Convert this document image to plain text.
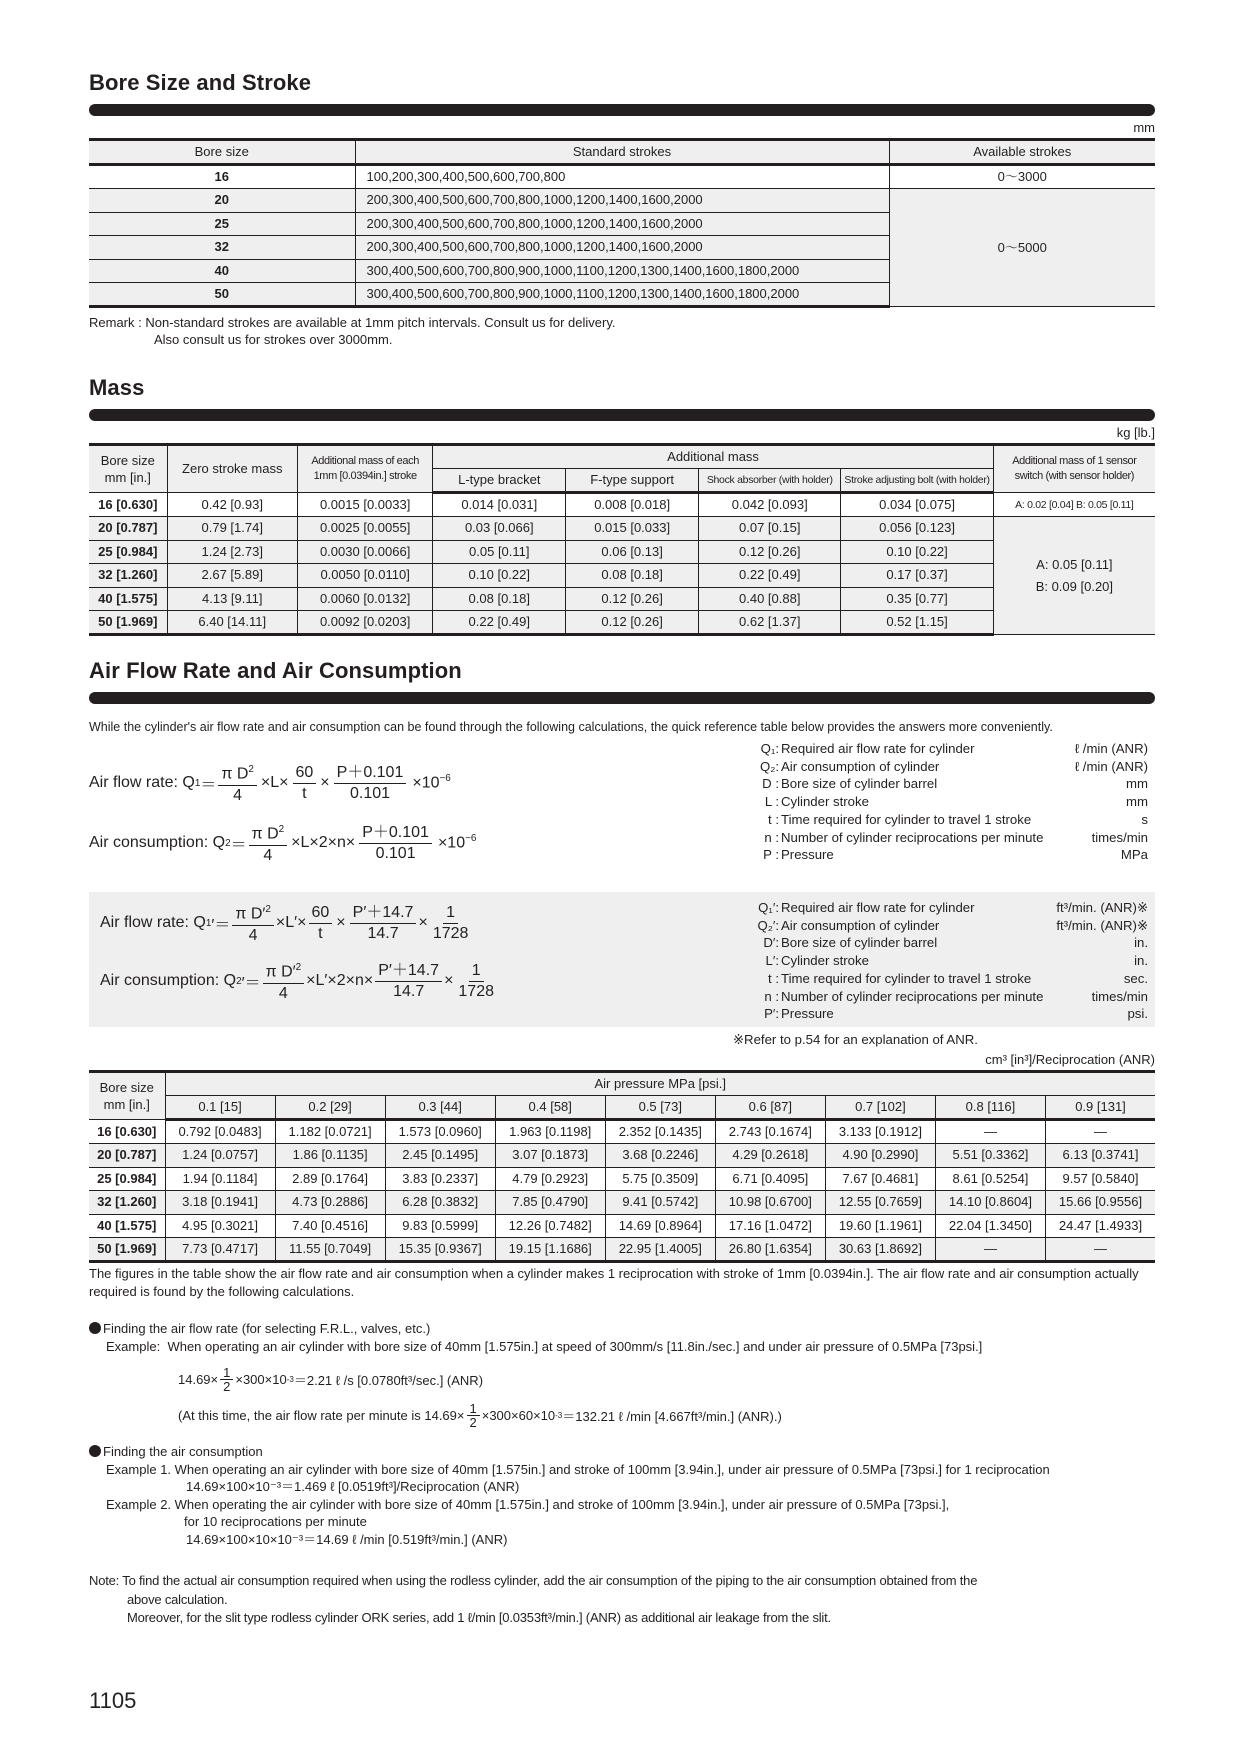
Bore Size and Stroke
mm
Bore size	Standard strokes	Available strokes
16	100,200,300,400,500,600,700,800	0～3000
20	200,300,400,500,600,700,800,1000,1200,1400,1600,2000	0～5000
25	200,300,400,500,600,700,800,1000,1200,1400,1600,2000	
32	200,300,400,500,600,700,800,1000,1200,1400,1600,2000	
40	300,400,500,600,700,800,900,1000,1100,1200,1300,1400,1600,1800,2000	
50	300,400,500,600,700,800,900,1000,1100,1200,1300,1400,1600,1800,2000	
Remark : Non-standard strokes are available at 1mm pitch intervals. Consult us for delivery.
Also consult us for strokes over 3000mm.
Mass
kg [lb.]
Bore size
mm [in.]
	Zero stroke mass	Additional mass of each
1mm [0.0394in.] stroke
	Additional mass	Additional mass of 1 sensor
switch (with sensor holder)

			L-type bracket	F-type support	Shock absorber (with holder)	Stroke adjusting bolt (with holder)	
16 [0.630]	0.42 [0.93]	0.0015 [0.0033]	0.014 [0.031]	0.008 [0.018]	0.042 [0.093]	0.034 [0.075]	A: 0.02 [0.04] B: 0.05 [0.11]
20 [0.787]	0.79 [1.74]	0.0025 [0.0055]	0.03 [0.066]	0.015 [0.033]	0.07 [0.15]	0.056 [0.123]	A: 0.05 [0.11]
B: 0.09 [0.20]

25 [0.984]	1.24 [2.73]	0.0030 [0.0066]	0.05 [0.11]	0.06 [0.13]	0.12 [0.26]	0.10 [0.22]	
32 [1.260]	2.67 [5.89]	0.0050 [0.0110]	0.10 [0.22]	0.08 [0.18]	0.22 [0.49]	0.17 [0.37]	
40 [1.575]	4.13 [9.11]	0.0060 [0.0132]	0.08 [0.18]	0.12 [0.26]	0.40 [0.88]	0.35 [0.77]	
50 [1.969]	6.40 [14.11]	0.0092 [0.0203]	0.22 [0.49]	0.12 [0.26]	0.62 [1.37]	0.52 [1.15]	
Air Flow Rate and Air Consumption
While the cylinder's air flow rate and air consumption can be found through the following calculations, the quick reference table below provides the answers more conveniently.
Air flow rate: Q $1 = \frac{\pi D^2}{4} \times L\times \frac{60}{t} \times \frac{P+0.101}{0.101} \times 10^{-6}$
Air consumption: Q $2 = \frac{\pi D^2}{4} \times L\times 2\times n\times \frac{P+0.101}{0.101} \times 10^{-6}$
Q₁: Required air flow rate for cylinder	ℓ /min (ANR)
Q₂: Air consumption of cylinder	ℓ /min (ANR)
D : Bore size of cylinder barrel	mm
L : Cylinder stroke	mm
t : Time required for cylinder to travel 1 stroke	s
n : Number of cylinder reciprocations per minute	times/min
P : Pressure	MPa
Air flow rate: Q 1 ′＝ $\frac{\pi D'^2}{4} \times L'\times \frac{60}{t} \times \frac{P'+14.7}{14.7} \times \frac{1}{1728}$
Air consumption: Q 2 ′＝ $\frac{\pi D'^2}{4} \times L'\times 2\times n\times \frac{P'+14.7}{14.7} \times \frac{1}{1728}$
Q₁′: Required air flow rate for cylinder	ft³/min. (ANR)※
Q₂′: Air consumption of cylinder	ft³/min. (ANR)※
D′: Bore size of cylinder barrel	in.
L′: Cylinder stroke	in.
t : Time required for cylinder to travel 1 stroke	sec.
n : Number of cylinder reciprocations per minute	times/min
P′: Pressure	psi.
※Refer to p.54 for an explanation of ANR.
cm³ [in³]/Reciprocation (ANR)
Bore size
mm [in.]	Air pressure MPa [psi.]								
	0.1 [15]	0.2 [29]	0.3 [44]	0.4 [58]	0.5 [73]	0.6 [87]	0.7 [102]	0.8 [116]	0.9 [131]
16 [0.630]	0.792 [0.0483]	1.182 [0.0721]	1.573 [0.0960]	1.963 [0.1198]	2.352 [0.1435]	2.743 [0.1674]	3.133 [0.1912]	—	—
20 [0.787]	1.24 [0.0757]	1.86 [0.1135]	2.45 [0.1495]	3.07 [0.1873]	3.68 [0.2246]	4.29 [0.2618]	4.90 [0.2990]	5.51 [0.3362]	6.13 [0.3741]
25 [0.984]	1.94 [0.1184]	2.89 [0.1764]	3.83 [0.2337]	4.79 [0.2923]	5.75 [0.3509]	6.71 [0.4095]	7.67 [0.4681]	8.61 [0.5254]	9.57 [0.5840]
32 [1.260]	3.18 [0.1941]	4.73 [0.2886]	6.28 [0.3832]	7.85 [0.4790]	9.41 [0.5742]	10.98 [0.6700]	12.55 [0.7659]	14.10 [0.8604]	15.66 [0.9556]
40 [1.575]	4.95 [0.3021]	7.40 [0.4516]	9.83 [0.5999]	12.26 [0.7482]	14.69 [0.8964]	17.16 [1.0472]	19.60 [1.1961]	22.04 [1.3450]	24.47 [1.4933]
50 [1.969]	7.73 [0.4717]	11.55 [0.7049]	15.35 [0.9367]	19.15 [1.1686]	22.95 [1.4005]	26.80 [1.6354]	30.63 [1.8692]	—	—
The figures in the table show the air flow rate and air consumption when a cylinder makes 1 reciprocation with stroke of 1mm [0.0394in.]. The air flow rate and air consumption actually required is found by the following calculations.
Finding the air flow rate (for selecting F.R.L., valves, etc.)
Example: When operating an air cylinder with bore size of 40mm [1.575in.] at speed of 300mm/s [11.8in./sec.] and under air pressure of 0.5MPa [73psi.]
$14.69\times \frac{1}{2} \times 300\times 10$ -3 ＝2.21 ℓ /s [0.0780ft³/sec.] (ANR)
(At this time, the air flow rate per minute is $14.69\times \frac{1}{2} \times 300\times 60\times 10$ -3 ＝132.21 ℓ /min [4.667ft³/min.] (ANR).)
Finding the air consumption
Example 1. When operating an air cylinder with bore size of 40mm [1.575in.] and stroke of 100mm [3.94in.], under air pressure of 0.5MPa [73psi.] for 1 reciprocation
14.69×100×10⁻³＝1.469 ℓ [0.0519ft³]/Reciprocation (ANR)
Example 2. When operating the air cylinder with bore size of 40mm [1.575in.] and stroke of 100mm [3.94in.], under air pressure of 0.5MPa [73psi.],
for 10 reciprocations per minute
14.69×100×10×10⁻³＝14.69 ℓ /min [0.519ft³/min.] (ANR)
Note: To find the actual air consumption required when using the rodless cylinder, add the air consumption of the piping to the air consumption obtained from the
above calculation.
Moreover, for the slit type rodless cylinder ORK series, add 1 ℓ/min [0.0353ft³/min.] (ANR) as additional air leakage from the slit.
1105
